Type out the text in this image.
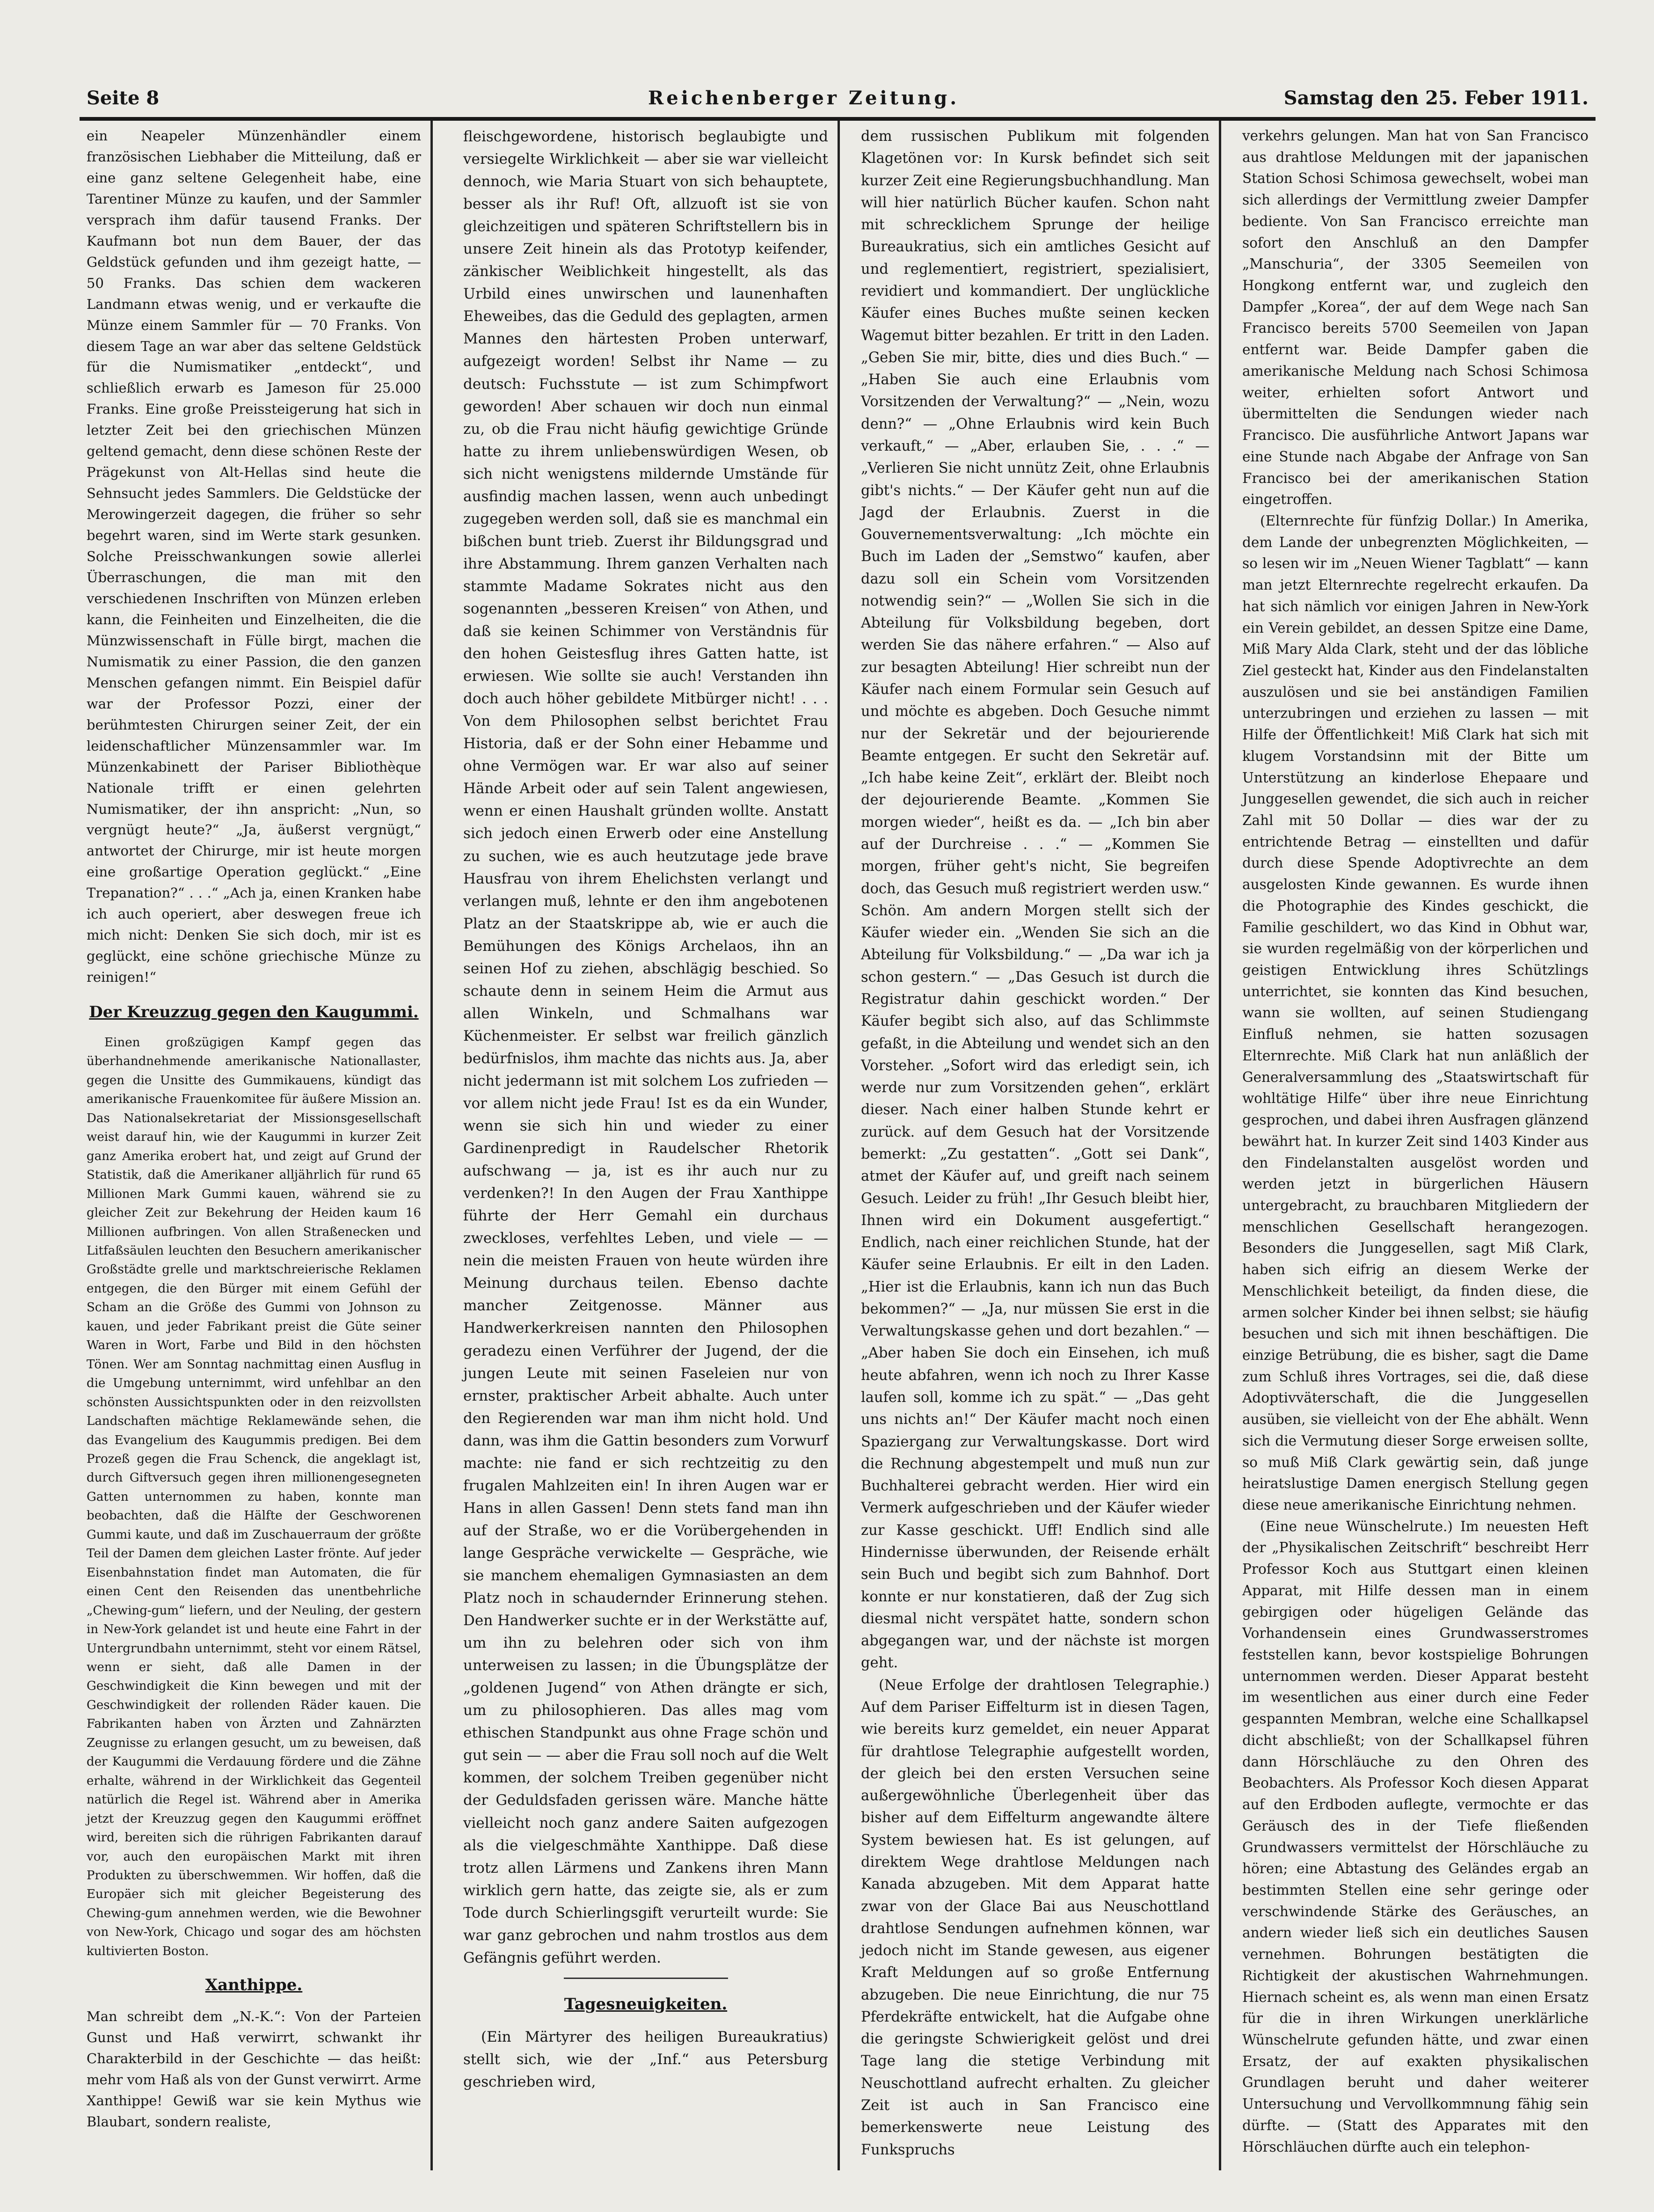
Seite 8	Reichenberger Zeitung.	Samstag den 25. Feber 1911.

ein Neapeler Münzenhändler einem französischen Liebhaber die Mitteilung, daß er eine ganz seltene Gelegenheit habe, eine Tarentiner Münze zu kaufen, und der Sammler versprach ihm dafür tausend Franks. Der Kaufmann bot nun dem Bauer, der das Geldstück gefunden und ihm gezeigt hatte, — 50 Franks. Das schien dem wackeren Landmann etwas wenig, und er verkaufte die Münze einem Sammler für — 70 Franks. Von diesem Tage an war aber das seltene Geldstück für die Numismatiker „entdeckt“, und schließlich erwarb es Jameson für 25.000 Franks. Eine große Preissteigerung hat sich in letzter Zeit bei den griechischen Münzen geltend gemacht, denn diese schönen Reste der Prägekunst von Alt-Hellas sind heute die Sehnsucht jedes Sammlers. Die Geldstücke der Merowingerzeit dagegen, die früher so sehr begehrt waren, sind im Werte stark gesunken. Solche Preisschwankungen sowie allerlei Überraschungen, die man mit den verschiedenen Inschriften von Münzen erleben kann, die Feinheiten und Einzelheiten, die die Münzwissenschaft in Fülle birgt, machen die Numismatik zu einer Passion, die den ganzen Menschen gefangen nimmt. Ein Beispiel dafür war der Professor Pozzi, einer der berühmtesten Chirurgen seiner Zeit, der ein leidenschaftlicher Münzensammler war. Im Münzenkabinett der Pariser Bibliothèque Nationale trifft er einen gelehrten Numismatiker, der ihn anspricht: „Nun, so vergnügt heute?“ „Ja, äußerst vergnügt,“ antwortet der Chirurge, mir ist heute morgen eine großartige Operation geglückt.“ „Eine Trepanation?“ . . .“ „Ach ja, einen Kranken habe ich auch operiert, aber deswegen freue ich mich nicht: Denken Sie sich doch, mir ist es geglückt, eine schöne griechische Münze zu reinigen!“

Der Kreuzzug gegen den Kaugummi.

Einen großzügigen Kampf gegen das überhandnehmende amerikanische Nationallaster, gegen die Unsitte des Gummikauens, kündigt das amerikanische Frauenkomitee für äußere Mission an. Das Nationalsekretariat der Missionsgesellschaft weist darauf hin, wie der Kaugummi in kurzer Zeit ganz Amerika erobert hat, und zeigt auf Grund der Statistik, daß die Amerikaner alljährlich für rund 65 Millionen Mark Gummi kauen, während sie zu gleicher Zeit zur Bekehrung der Heiden kaum 16 Millionen aufbringen. Von allen Straßenecken und Litfaßsäulen leuchten den Besuchern amerikanischer Großstädte grelle und marktschreierische Reklamen entgegen, die den Bürger mit einem Gefühl der Scham an die Größe des Gummi von Johnson zu kauen, und jeder Fabrikant preist die Güte seiner Waren in Wort, Farbe und Bild in den höchsten Tönen. Wer am Sonntag nachmittag einen Ausflug in die Umgebung unternimmt, wird unfehlbar an den schönsten Aussichtspunkten oder in den reizvollsten Landschaften mächtige Reklamewände sehen, die das Evangelium des Kaugummis predigen. Bei dem Prozeß gegen die Frau Schenck, die angeklagt ist, durch Giftversuch gegen ihren millionengesegneten Gatten unternommen zu haben, konnte man beobachten, daß die Hälfte der Geschworenen Gummi kaute, und daß im Zuschauerraum der größte Teil der Damen dem gleichen Laster frönte. Auf jeder Eisenbahnstation findet man Automaten, die für einen Cent den Reisenden das unentbehrliche „Chewing-gum“ liefern, und der Neuling, der gestern in New-York gelandet ist und heute eine Fahrt in der Untergrundbahn unternimmt, steht vor einem Rätsel, wenn er sieht, daß alle Damen in der Geschwindigkeit die Kinn bewegen und mit der Geschwindigkeit der rollenden Räder kauen. Die Fabrikanten haben von Ärzten und Zahnärzten Zeugnisse zu erlangen gesucht, um zu beweisen, daß der Kaugummi die Verdauung fördere und die Zähne erhalte, während in der Wirklichkeit das Gegenteil natürlich die Regel ist. Während aber in Amerika jetzt der Kreuzzug gegen den Kaugummi eröffnet wird, bereiten sich die rührigen Fabrikanten darauf vor, auch den europäischen Markt mit ihren Produkten zu überschwemmen. Wir hoffen, daß die Europäer sich mit gleicher Begeisterung des Chewing-gum annehmen werden, wie die Bewohner von New-York, Chicago und sogar des am höchsten kultivierten Boston.

Xanthippe.

Man schreibt dem „N.-K.“: Von der Parteien Gunst und Haß verwirrt, schwankt ihr Charakterbild in der Geschichte — das heißt: mehr vom Haß als von der Gunst verwirrt. Arme Xanthippe! Gewiß war sie kein Mythus wie Blaubart, sondern realiste,

fleischgewordene, historisch beglaubigte und versiegelte Wirklichkeit — aber sie war vielleicht dennoch, wie Maria Stuart von sich behauptete, besser als ihr Ruf! Oft, allzuoft ist sie von gleichzeitigen und späteren Schriftstellern bis in unsere Zeit hinein als das Prototyp keifender, zänkischer Weiblichkeit hingestellt, als das Urbild eines unwirschen und launenhaften Eheweibes, das die Geduld des geplagten, armen Mannes den härtesten Proben unterwarf, aufgezeigt worden! Selbst ihr Name — zu deutsch: Fuchsstute — ist zum Schimpfwort geworden! Aber schauen wir doch nun einmal zu, ob die Frau nicht häufig gewichtige Gründe hatte zu ihrem unliebenswürdigen Wesen, ob sich nicht wenigstens mildernde Umstände für ausfindig machen lassen, wenn auch unbedingt zugegeben werden soll, daß sie es manchmal ein bißchen bunt trieb. Zuerst ihr Bildungsgrad und ihre Abstammung. Ihrem ganzen Verhalten nach stammte Madame Sokrates nicht aus den sogenannten „besseren Kreisen“ von Athen, und daß sie keinen Schimmer von Verständnis für den hohen Geistesflug ihres Gatten hatte, ist erwiesen. Wie sollte sie auch! Verstanden ihn doch auch höher gebildete Mitbürger nicht! . . . Von dem Philosophen selbst berichtet Frau Historia, daß er der Sohn einer Hebamme und ohne Vermögen war. Er war also auf seiner Hände Arbeit oder auf sein Talent angewiesen, wenn er einen Haushalt gründen wollte. Anstatt sich jedoch einen Erwerb oder eine Anstellung zu suchen, wie es auch heutzutage jede brave Hausfrau von ihrem Ehelichsten verlangt und verlangen muß, lehnte er den ihm angebotenen Platz an der Staatskrippe ab, wie er auch die Bemühungen des Königs Archelaos, ihn an seinen Hof zu ziehen, abschlägig beschied. So schaute denn in seinem Heim die Armut aus allen Winkeln, und Schmalhans war Küchenmeister. Er selbst war freilich gänzlich bedürfnislos, ihm machte das nichts aus. Ja, aber nicht jedermann ist mit solchem Los zufrieden — vor allem nicht jede Frau! Ist es da ein Wunder, wenn sie sich hin und wieder zu einer Gardinenpredigt in Raudelscher Rhetorik aufschwang — ja, ist es ihr auch nur zu verdenken?! In den Augen der Frau Xanthippe führte der Herr Gemahl ein durchaus zweckloses, verfehltes Leben, und viele — — nein die meisten Frauen von heute würden ihre Meinung durchaus teilen. Ebenso dachte mancher Zeitgenosse. Männer aus Handwerkerkreisen nannten den Philosophen geradezu einen Verführer der Jugend, der die jungen Leute mit seinen Faseleien nur von ernster, praktischer Arbeit abhalte. Auch unter den Regierenden war man ihm nicht hold. Und dann, was ihm die Gattin besonders zum Vorwurf machte: nie fand er sich rechtzeitig zu den frugalen Mahlzeiten ein! In ihren Augen war er Hans in allen Gassen! Denn stets fand man ihn auf der Straße, wo er die Vorübergehenden in lange Gespräche verwickelte — Gespräche, wie sie manchem ehemaligen Gymnasiasten an dem Platz noch in schaudernder Erinnerung stehen. Den Handwerker suchte er in der Werkstätte auf, um ihn zu belehren oder sich von ihm unterweisen zu lassen; in die Übungsplätze der „goldenen Jugend“ von Athen drängte er sich, um zu philosophieren. Das alles mag vom ethischen Standpunkt aus ohne Frage schön und gut sein — — aber die Frau soll noch auf die Welt kommen, der solchem Treiben gegenüber nicht der Geduldsfaden gerissen wäre. Manche hätte vielleicht noch ganz andere Saiten aufgezogen als die vielgeschmähte Xanthippe. Daß diese trotz allen Lärmens und Zankens ihren Mann wirklich gern hatte, das zeigte sie, als er zum Tode durch Schierlingsgift verurteilt wurde: Sie war ganz gebrochen und nahm trostlos aus dem Gefängnis geführt werden.

Tagesneuigkeiten.

(Ein Märtyrer des heiligen Bureaukratius) stellt sich, wie der „Inf.“ aus Petersburg geschrieben wird,

dem russischen Publikum mit folgenden Klagetönen vor: In Kursk befindet sich seit kurzer Zeit eine Regierungsbuchhandlung. Man will hier natürlich Bücher kaufen. Schon naht mit schrecklichem Sprunge der heilige Bureaukratius, sich ein amtliches Gesicht auf und reglementiert, registriert, spezialisiert, revidiert und kommandiert. Der unglückliche Käufer eines Buches mußte seinen kecken Wagemut bitter bezahlen. Er tritt in den Laden. „Geben Sie mir, bitte, dies und dies Buch.“ — „Haben Sie auch eine Erlaubnis vom Vorsitzenden der Verwaltung?“ — „Nein, wozu denn?“ — „Ohne Erlaubnis wird kein Buch verkauft,“ — „Aber, erlauben Sie, . . .“ — „Verlieren Sie nicht unnütz Zeit, ohne Erlaubnis gibt's nichts.“ — Der Käufer geht nun auf die Jagd der Erlaubnis. Zuerst in die Gouvernementsverwaltung: „Ich möchte ein Buch im Laden der „Semstwo“ kaufen, aber dazu soll ein Schein vom Vorsitzenden notwendig sein?“ — „Wollen Sie sich in die Abteilung für Volksbildung begeben, dort werden Sie das nähere erfahren.“ — Also auf zur besagten Abteilung! Hier schreibt nun der Käufer nach einem Formular sein Gesuch auf und möchte es abgeben. Doch Gesuche nimmt nur der Sekretär und der bejourierende Beamte entgegen. Er sucht den Sekretär auf. „Ich habe keine Zeit“, erklärt der. Bleibt noch der dejourierende Beamte. „Kommen Sie morgen wieder“, heißt es da. — „Ich bin aber auf der Durchreise . . .“ — „Kommen Sie morgen, früher geht's nicht, Sie begreifen doch, das Gesuch muß registriert werden usw.“ Schön. Am andern Morgen stellt sich der Käufer wieder ein. „Wenden Sie sich an die Abteilung für Volksbildung.“ — „Da war ich ja schon gestern.“ — „Das Gesuch ist durch die Registratur dahin geschickt worden.“ Der Käufer begibt sich also, auf das Schlimmste gefaßt, in die Abteilung und wendet sich an den Vorsteher. „Sofort wird das erledigt sein, ich werde nur zum Vorsitzenden gehen“, erklärt dieser. Nach einer halben Stunde kehrt er zurück. auf dem Gesuch hat der Vorsitzende bemerkt: „Zu gestatten“. „Gott sei Dank“, atmet der Käufer auf, und greift nach seinem Gesuch. Leider zu früh! „Ihr Gesuch bleibt hier, Ihnen wird ein Dokument ausgefertigt.“ Endlich, nach einer reichlichen Stunde, hat der Käufer seine Erlaubnis. Er eilt in den Laden. „Hier ist die Erlaubnis, kann ich nun das Buch bekommen?“ — „Ja, nur müssen Sie erst in die Verwaltungskasse gehen und dort bezahlen.“ — „Aber haben Sie doch ein Einsehen, ich muß heute abfahren, wenn ich noch zu Ihrer Kasse laufen soll, komme ich zu spät.“ — „Das geht uns nichts an!“ Der Käufer macht noch einen Spaziergang zur Verwaltungskasse. Dort wird die Rechnung abgestempelt und muß nun zur Buchhalterei gebracht werden. Hier wird ein Vermerk aufgeschrieben und der Käufer wieder zur Kasse geschickt. Uff! Endlich sind alle Hindernisse überwunden, der Reisende erhält sein Buch und begibt sich zum Bahnhof. Dort konnte er nur konstatieren, daß der Zug sich diesmal nicht verspätet hatte, sondern schon abgegangen war, und der nächste ist morgen geht.

(Neue Erfolge der drahtlosen Telegraphie.) Auf dem Pariser Eiffelturm ist in diesen Tagen, wie bereits kurz gemeldet, ein neuer Apparat für drahtlose Telegraphie aufgestellt worden, der gleich bei den ersten Versuchen seine außergewöhnliche Überlegenheit über das bisher auf dem Eiffelturm angewandte ältere System bewiesen hat. Es ist gelungen, auf direktem Wege drahtlose Meldungen nach Kanada abzugeben. Mit dem Apparat hatte zwar von der Glace Bai aus Neuschottland drahtlose Sendungen aufnehmen können, war jedoch nicht im Stande gewesen, aus eigener Kraft Meldungen auf so große Entfernung abzugeben. Die neue Einrichtung, die nur 75 Pferdekräfte entwickelt, hat die Aufgabe ohne die geringste Schwierigkeit gelöst und drei Tage lang die stetige Verbindung mit Neuschottland aufrecht erhalten. Zu gleicher Zeit ist auch in San Francisco eine bemerkenswerte neue Leistung des Funkspruchs

verkehrs gelungen. Man hat von San Francisco aus drahtlose Meldungen mit der japanischen Station Schosi Schimosa gewechselt, wobei man sich allerdings der Vermittlung zweier Dampfer bediente. Von San Francisco erreichte man sofort den Anschluß an den Dampfer „Manschuria“, der 3305 Seemeilen von Hongkong entfernt war, und zugleich den Dampfer „Korea“, der auf dem Wege nach San Francisco bereits 5700 Seemeilen von Japan entfernt war. Beide Dampfer gaben die amerikanische Meldung nach Schosi Schimosa weiter, erhielten sofort Antwort und übermittelten die Sendungen wieder nach Francisco. Die ausführliche Antwort Japans war eine Stunde nach Abgabe der Anfrage von San Francisco bei der amerikanischen Station eingetroffen.

(Elternrechte für fünfzig Dollar.) In Amerika, dem Lande der unbegrenzten Möglichkeiten, — so lesen wir im „Neuen Wiener Tagblatt“ — kann man jetzt Elternrechte regelrecht erkaufen. Da hat sich nämlich vor einigen Jahren in New-York ein Verein gebildet, an dessen Spitze eine Dame, Miß Mary Alda Clark, steht und der das löbliche Ziel gesteckt hat, Kinder aus den Findelanstalten auszulösen und sie bei anständigen Familien unterzubringen und erziehen zu lassen — mit Hilfe der Öffentlichkeit! Miß Clark hat sich mit klugem Vorstandsinn mit der Bitte um Unterstützung an kinderlose Ehepaare und Junggesellen gewendet, die sich auch in reicher Zahl mit 50 Dollar — dies war der zu entrichtende Betrag — einstellten und dafür durch diese Spende Adoptivrechte an dem ausgelosten Kinde gewannen. Es wurde ihnen die Photographie des Kindes geschickt, die Familie geschildert, wo das Kind in Obhut war, sie wurden regelmäßig von der körperlichen und geistigen Entwicklung ihres Schützlings unterrichtet, sie konnten das Kind besuchen, wann sie wollten, auf seinen Studiengang Einfluß nehmen, sie hatten sozusagen Elternrechte. Miß Clark hat nun anläßlich der Generalversammlung des „Staatswirtschaft für wohltätige Hilfe“ über ihre neue Einrichtung gesprochen, und dabei ihren Ausfragen glänzend bewährt hat. In kurzer Zeit sind 1403 Kinder aus den Findelanstalten ausgelöst worden und werden jetzt in bürgerlichen Häusern untergebracht, zu brauchbaren Mitgliedern der menschlichen Gesellschaft herangezogen. Besonders die Junggesellen, sagt Miß Clark, haben sich eifrig an diesem Werke der Menschlichkeit beteiligt, da finden diese, die armen solcher Kinder bei ihnen selbst; sie häufig besuchen und sich mit ihnen beschäftigen. Die einzige Betrübung, die es bisher, sagt die Dame zum Schluß ihres Vortrages, sei die, daß diese Adoptivväterschaft, die die Junggesellen ausüben, sie vielleicht von der Ehe abhält. Wenn sich die Vermutung dieser Sorge erweisen sollte, so muß Miß Clark gewärtig sein, daß junge heiratslustige Damen energisch Stellung gegen diese neue amerikanische Einrichtung nehmen.

(Eine neue Wünschelrute.) Im neuesten Heft der „Physikalischen Zeitschrift“ beschreibt Herr Professor Koch aus Stuttgart einen kleinen Apparat, mit Hilfe dessen man in einem gebirgigen oder hügeligen Gelände das Vorhandensein eines Grundwasserstromes feststellen kann, bevor kostspielige Bohrungen unternommen werden. Dieser Apparat besteht im wesentlichen aus einer durch eine Feder gespannten Membran, welche eine Schallkapsel dicht abschließt; von der Schallkapsel führen dann Hörschläuche zu den Ohren des Beobachters. Als Professor Koch diesen Apparat auf den Erdboden auflegte, vermochte er das Geräusch des in der Tiefe fließenden Grundwassers vermittelst der Hörschläuche zu hören; eine Abtastung des Geländes ergab an bestimmten Stellen eine sehr geringe oder verschwindende Stärke des Geräusches, an andern wieder ließ sich ein deutliches Sausen vernehmen. Bohrungen bestätigten die Richtigkeit der akustischen Wahrnehmungen. Hiernach scheint es, als wenn man einen Ersatz für die in ihren Wirkungen unerklärliche Wünschelrute gefunden hätte, und zwar einen Ersatz, der auf exakten physikalischen Grundlagen beruht und daher weiterer Untersuchung und Vervollkommnung fähig sein dürfte. — (Statt des Apparates mit den Hörschläuchen dürfte auch ein telephon-
